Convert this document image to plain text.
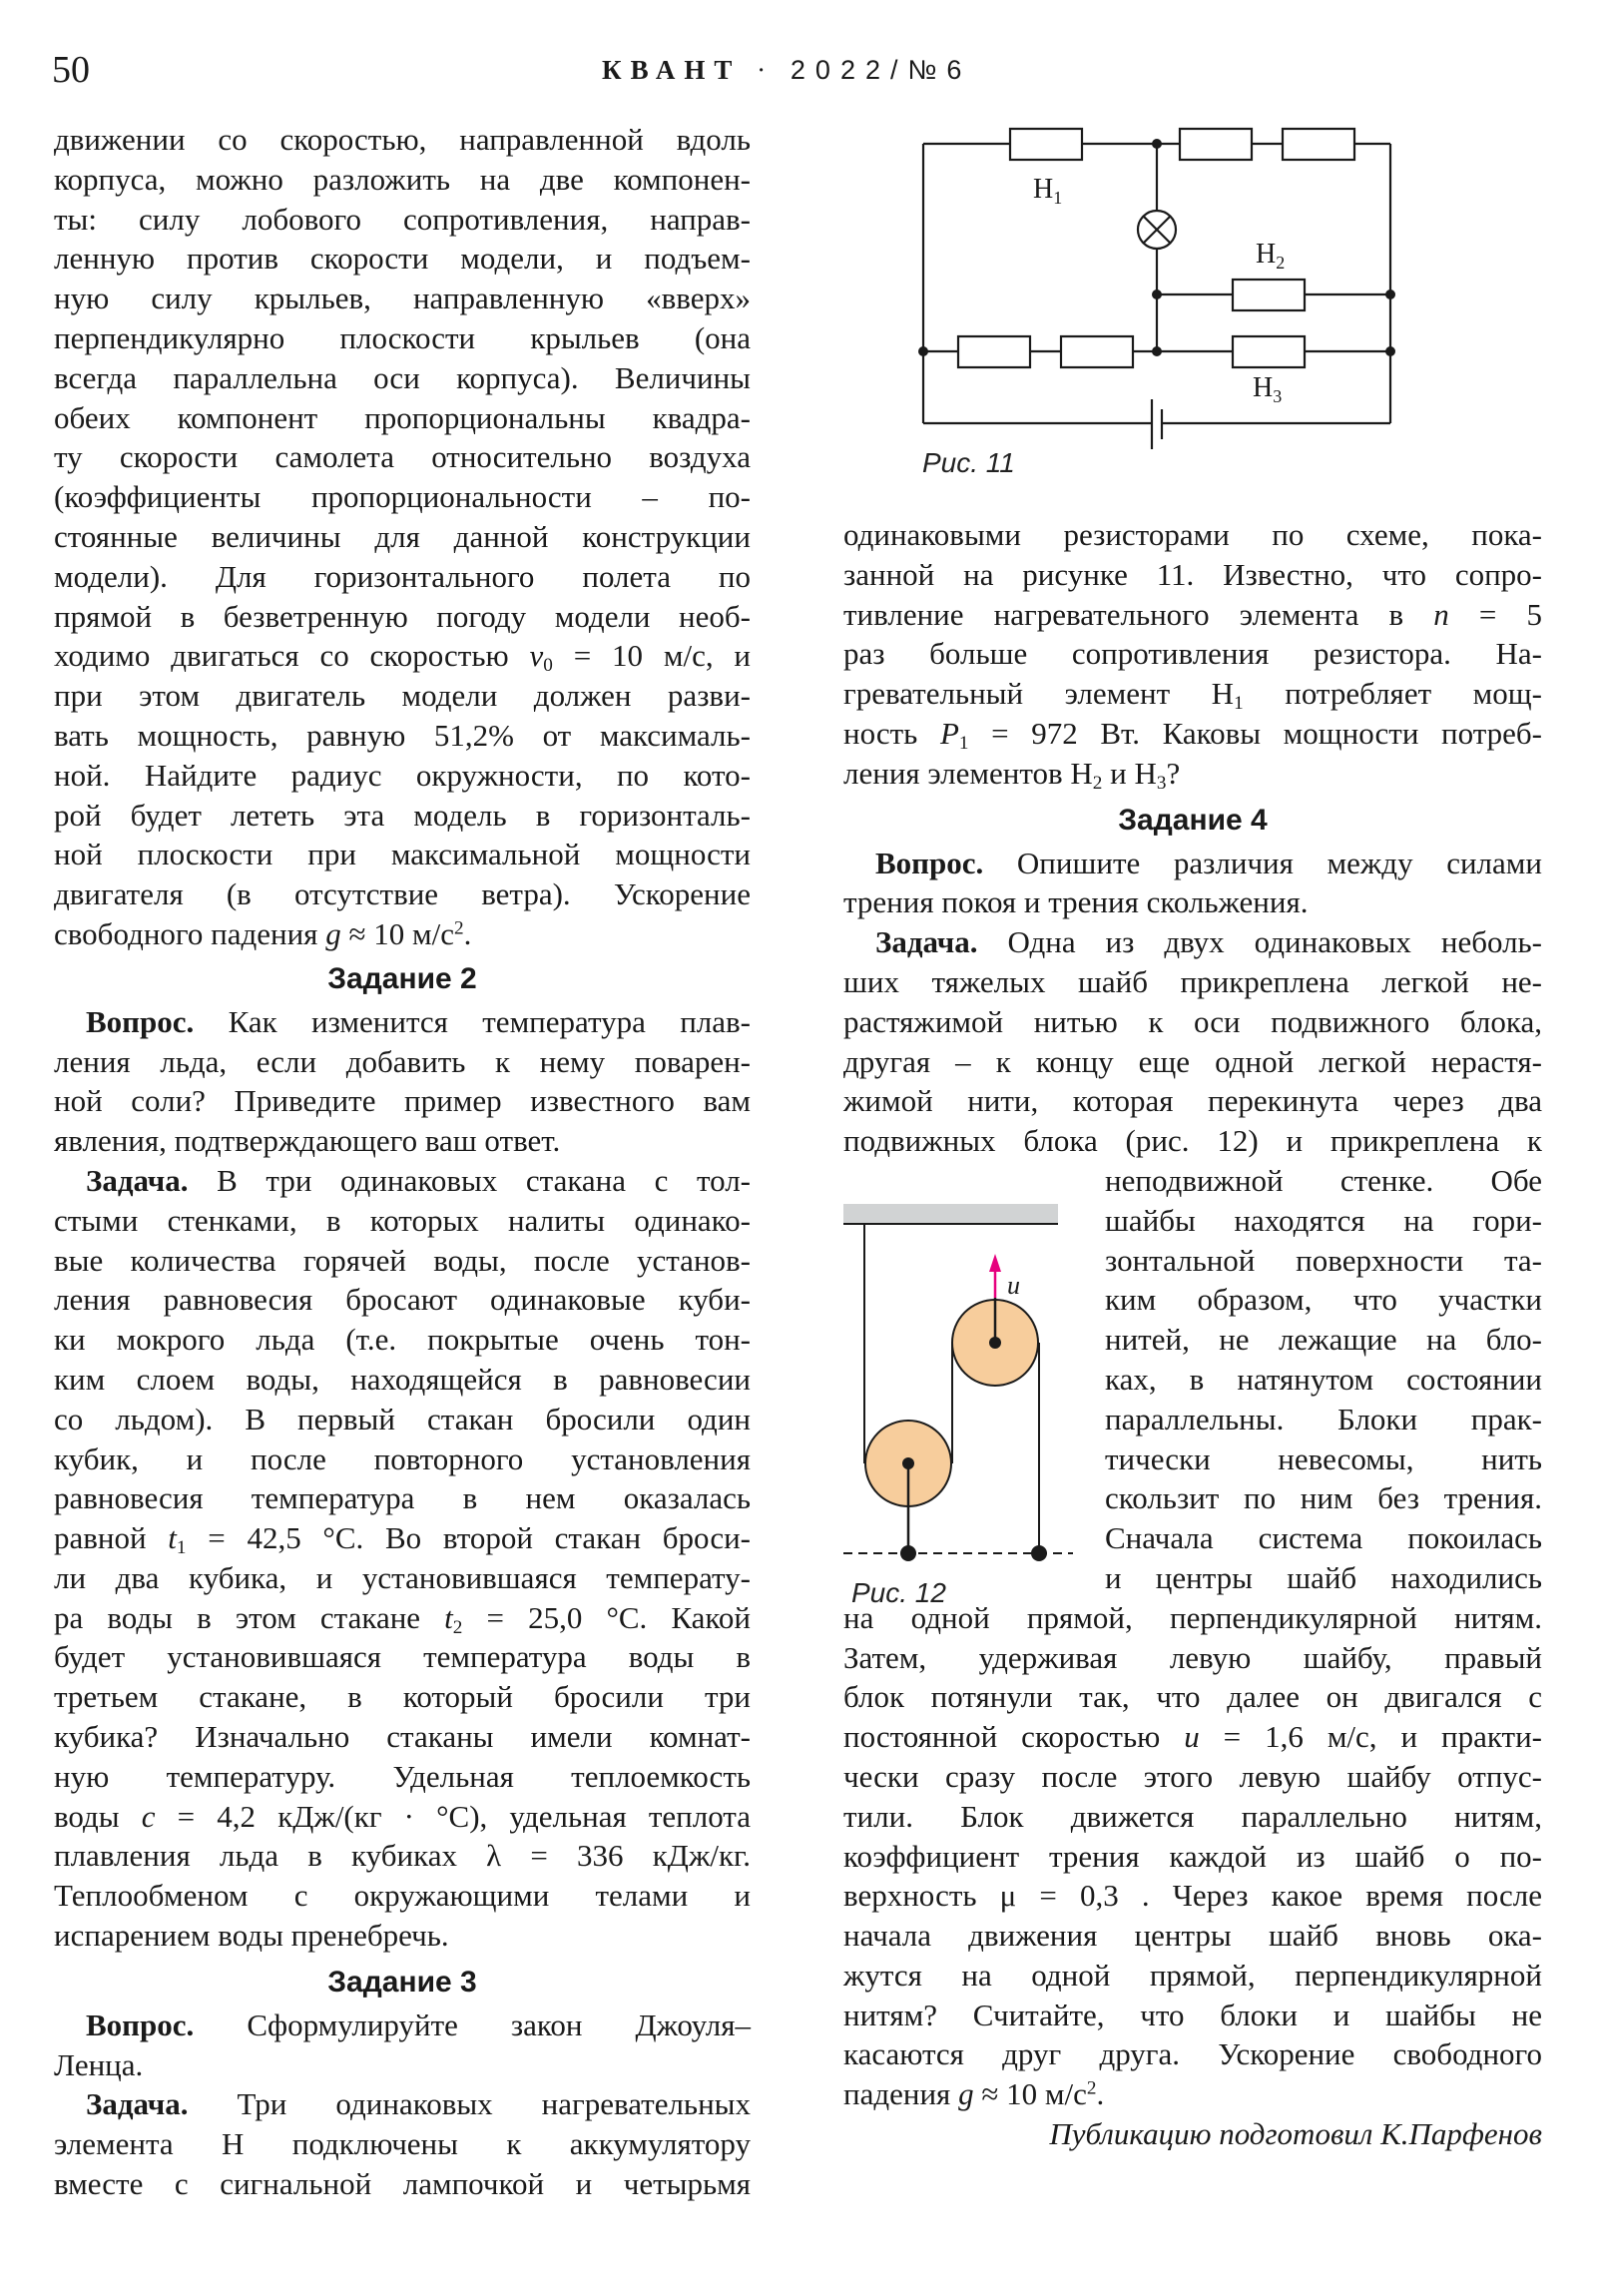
50	КВАНТ · 2022/№6
движении со скоростью, направленной вдоль
корпуса, можно разложить на две компонен-
ты: силу лобового сопротивления, направ-
ленную против скорости модели, и подъем-
ную силу крыльев, направленную «вверх»
перпендикулярно плоскости крыльев (она
всегда параллельна оси корпуса). Величины
обеих компонент пропорциональны квадра-
ту скорости самолета относительно воздуха
(коэффициенты пропорциональности – по-
стоянные величины для данной конструкции
модели). Для горизонтального полета по
прямой в безветренную погоду модели необ-
ходимо двигаться со скоростью $v_0 = 10$ м/с, и
при этом двигатель модели должен разви-
вать мощность, равную 51,2% от максималь-
ной. Найдите радиус окружности, по кото-
рой будет лететь эта модель в горизонталь-
ной плоскости при максимальной мощности
двигателя (в отсутствие ветра). Ускорение
свободного падения g ≈ 10 $м/с^2$.
Задание 2
Вопрос. Как изменится температура плав-
ления льда, если добавить к нему поварен-
ной соли? Приведите пример известного вам
явления, подтверждающего ваш ответ.
Задача. В три одинаковых стакана с тол-
стыми стенками, в которых налиты одинако-
вые количества горячей воды, после установ-
ления равновесия бросают одинаковые куби-
ки мокрого льда (т.е. покрытые очень тон-
ким слоем воды, находящейся в равновесии
со льдом). В первый стакан бросили один
кубик, и после повторного установления
равновесия температура в нем оказалась
равной $t_1 = 42,5$ °C. Во второй стакан броси-
ли два кубика, и установившаяся температу-
ра воды в этом стакане $t_2 = 25,0$ °C. Какой
будет установившаяся температура воды в
третьем стакане, в который бросили три
кубика? Изначально стаканы имели комнат-
ную температуру. Удельная теплоемкость
воды c = 4,2 кДж/(кг · °C), удельная теплота
плавления льда в кубиках λ = 336 кДж/кг.
Теплообменом с окружающими телами и
испарением воды пренебречь.
Задание 3
Вопрос. Сформулируйте закон Джоуля–
Ленца.
Задача. Три одинаковых нагревательных
элемента H подключены к аккумулятору
вместе с сигнальной лампочкой и четырьмя
$H_1$
$H_2$
$H_3$
Рис. 11
одинаковыми резисторами по схеме, пока-
занной на рисунке 11. Известно, что сопро-
тивление нагревательного элемента в n = 5
раз больше сопротивления резистора. На-
гревательный элемент $H_1$ потребляет мощ-
ность $P_1 = 972$ Вт. Каковы мощности потреб-
ления элементов $H_2$ и $H_3$?
Задание 4
Вопрос. Опишите различия между силами
трения покоя и трения скольжения.
Задача. Одна из двух одинаковых неболь-
ших тяжелых шайб прикреплена легкой не-
растяжимой нитью к оси подвижного блока,
другая – к концу еще одной легкой нерастя-
жимой нити, которая перекинута через два
подвижных блока (рис. 12) и прикреплена к
неподвижной стенке. Обе
шайбы находятся на гори-
зонтальной поверхности та-
ким образом, что участки
нитей, не лежащие на бло-
ках, в натянутом состоянии
параллельны. Блоки прак-
тически невесомы, нить
скользит по ним без трения.
Сначала система покоилась
и центры шайб находились
на одной прямой, перпендикулярной нитям.
Затем, удерживая левую шайбу, правый
блок потянули так, что далее он двигался с
постоянной скоростью u = 1,6 м/с, и практи-
чески сразу после этого левую шайбу отпус-
тили. Блок движется параллельно нитям,
коэффициент трения каждой из шайб о по-
верхность μ = 0,3 . Через какое время после
начала движения центры шайб вновь ока-
жутся на одной прямой, перпендикулярной
нитям? Считайте, что блоки и шайбы не
касаются друг друга. Ускорение свободного
падения g ≈ 10 $м/с^2$.
Публикацию подготовил К.Парфенов
u
Рис. 12
